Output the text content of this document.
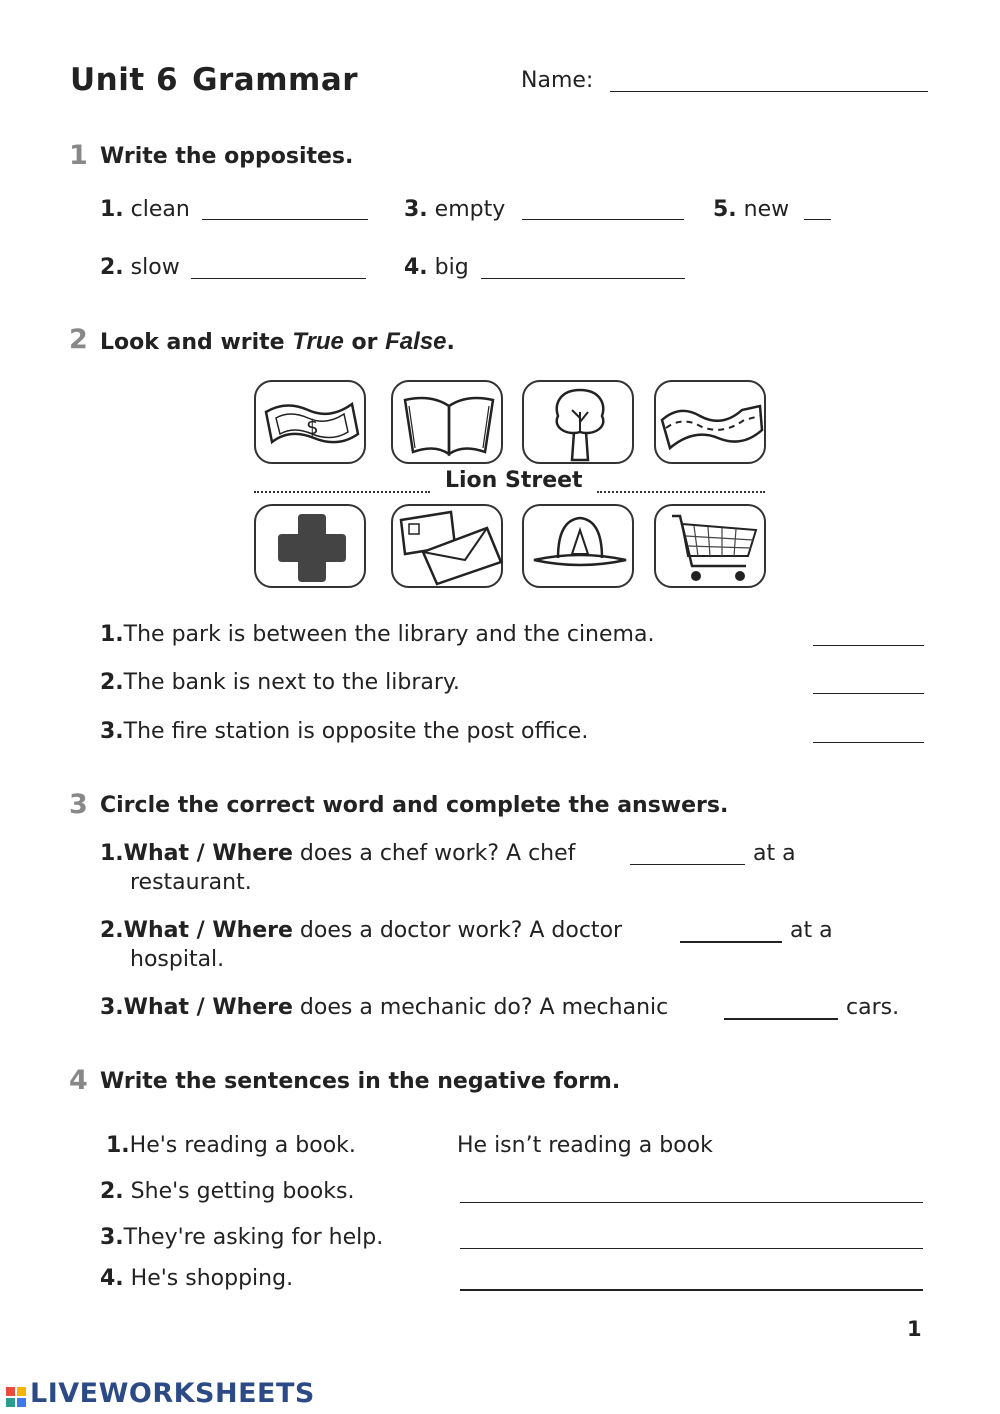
Unit 6 Grammar	Name:
1 Write the opposites.
1. clean	3. empty	5. new
2. slow	4. big
2 Look and write True or False.
$
Lion Street
1.The park is between the library and the cinema.
2.The bank is next to the library.
3.The fire station is opposite the post office.
3 Circle the correct word and complete the answers.
1.What / Where does a chef work? A chef	at a
restaurant.
2.What / Where does a doctor work? A doctor	at a
hospital.
3.What / Where does a mechanic do? A mechanic	cars.
4 Write the sentences in the negative form.
1.He's reading a book.	He isn’t reading a book
2. She's getting books.
3.They're asking for help.
4. He's shopping.
1
LIVEWORKSHEETS
